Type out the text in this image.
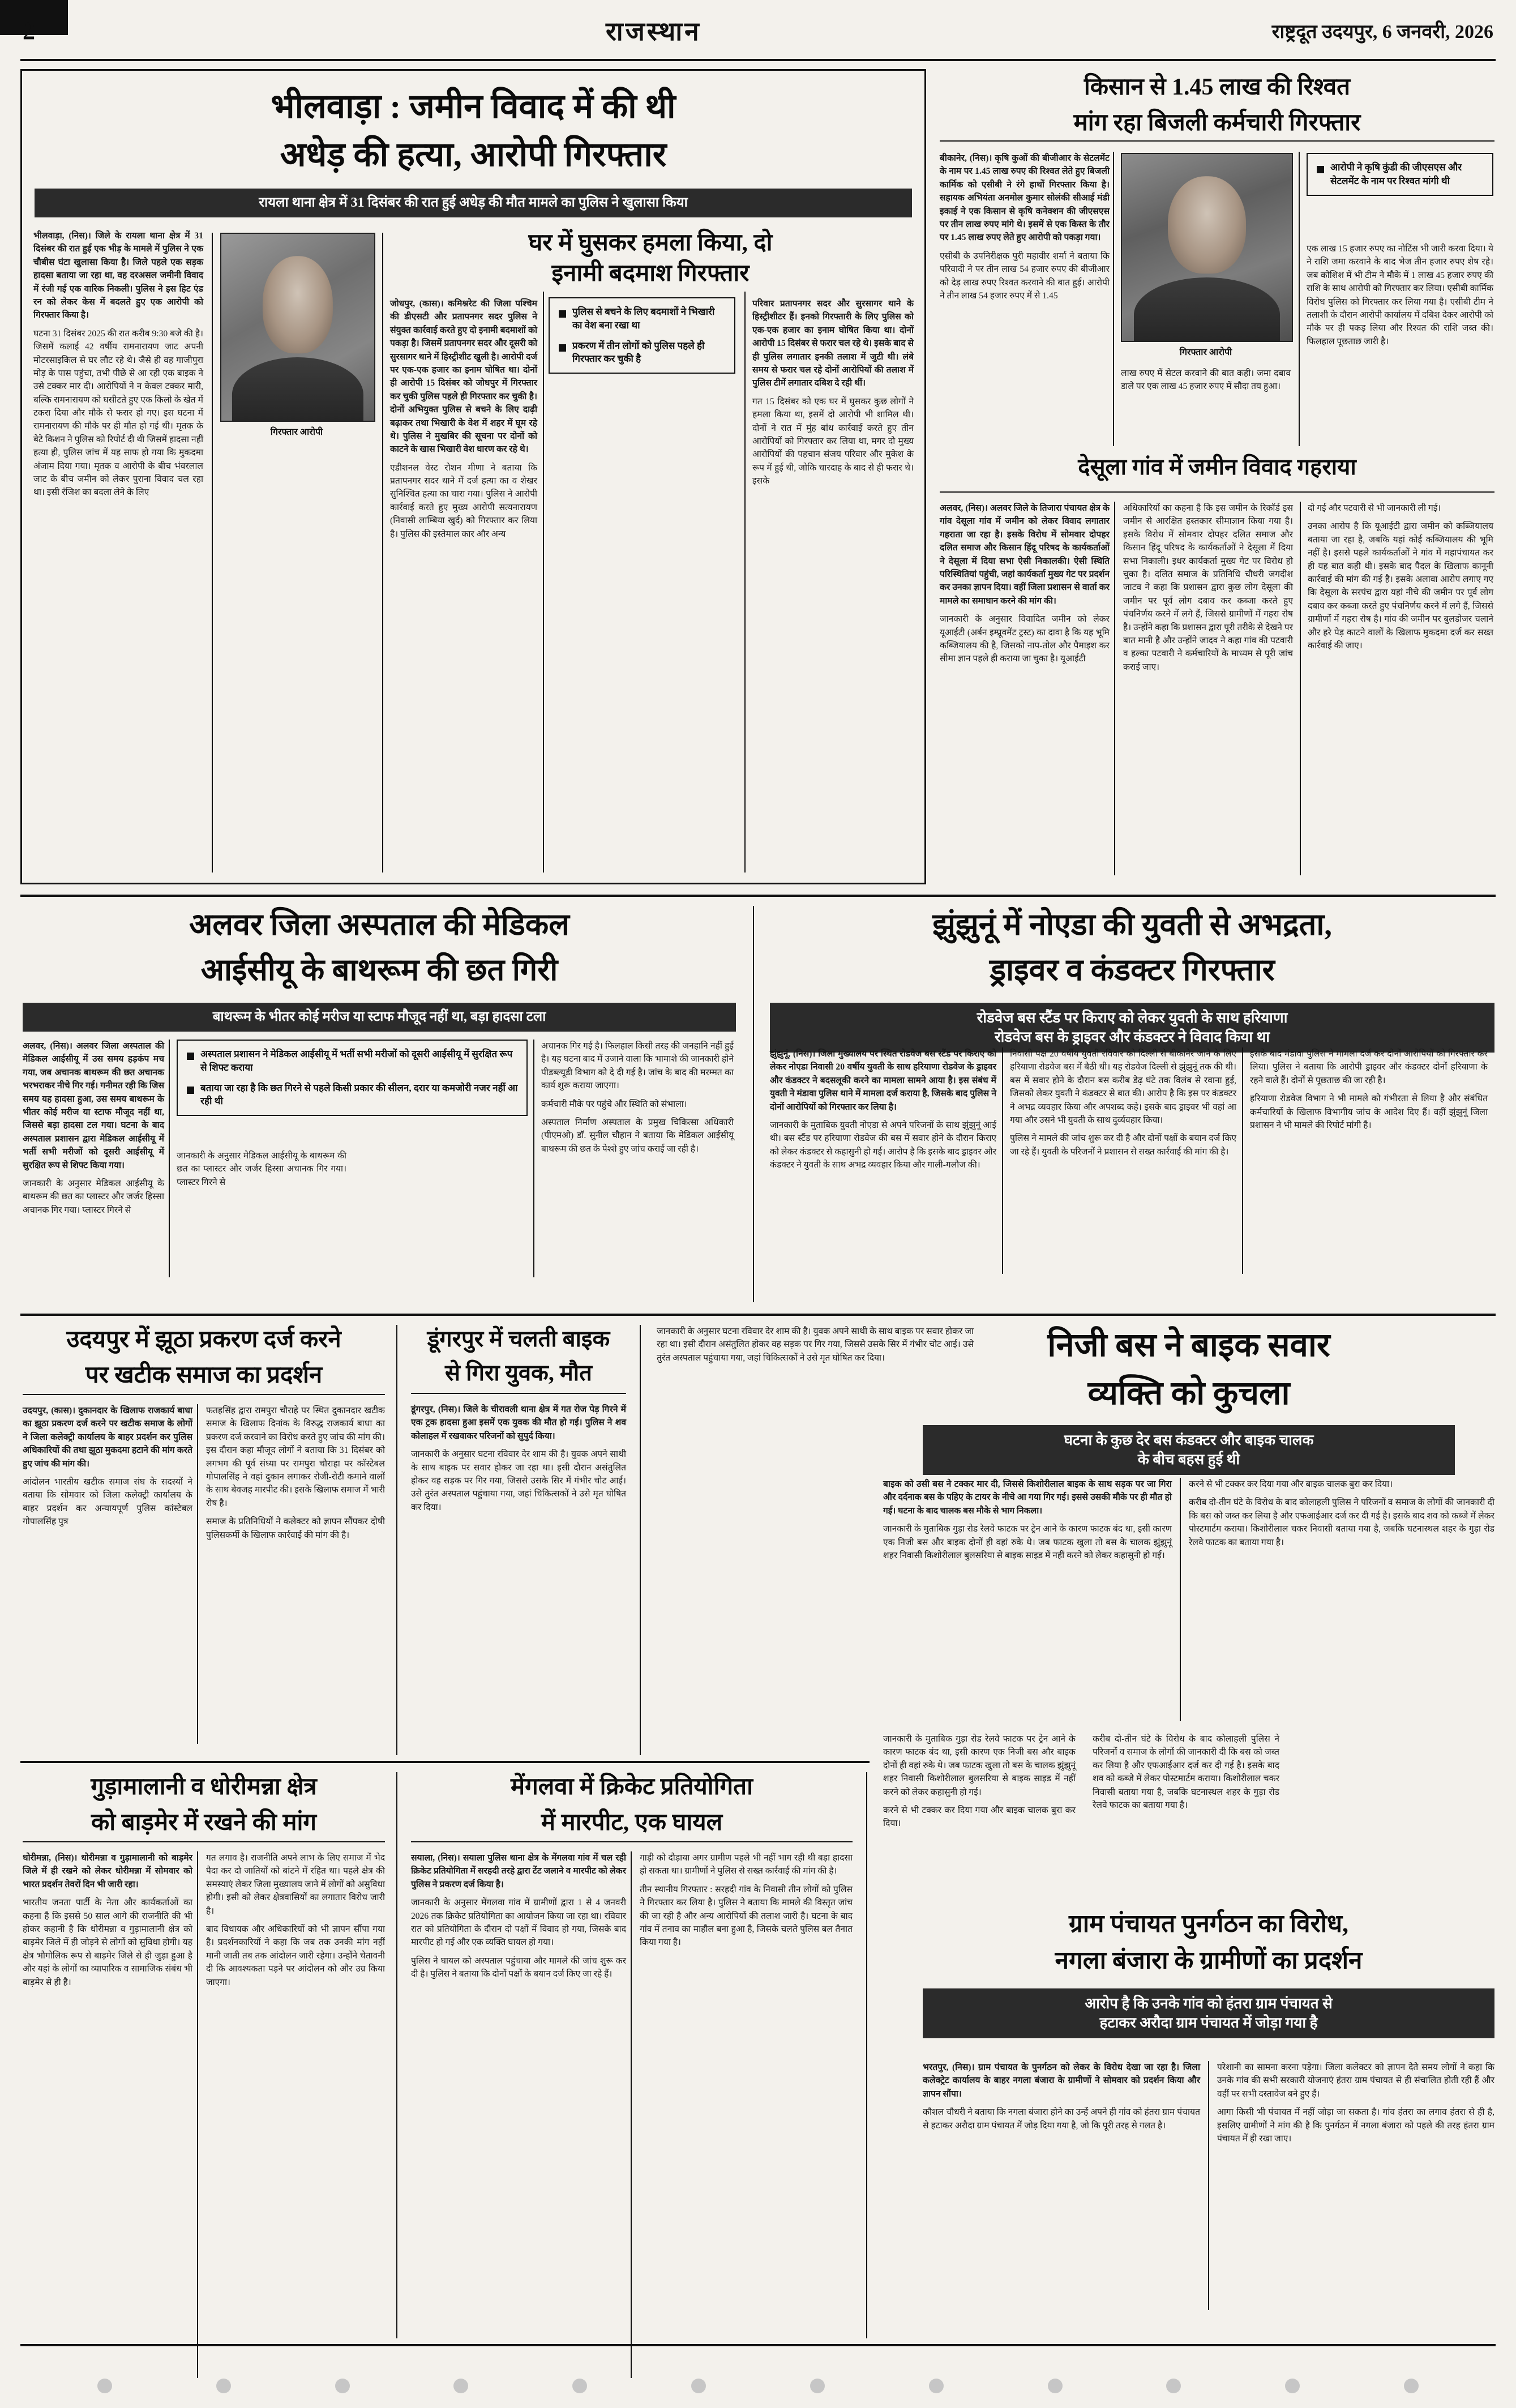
2	राजस्थान	राष्ट्रदूत उदयपुर, 6 जनवरी, 2026
भीलवाड़ा : जमीन विवाद में की थी
अधेड़ की हत्या, आरोपी गिरफ्तार
रायला थाना क्षेत्र में 31 दिसंबर की रात हुई अधेड़ की मौत मामले का पुलिस ने खुलासा किया

भीलवाड़ा, (निस)। जिले के रायला थाना क्षेत्र में 31 दिसंबर की रात हुई एक भीड़ के मामले में पुलिस ने एक चौबीस घंटा खुलासा किया है। जिले पहले एक सड़क हादसा बताया जा रहा था, वह दरअसल जमीनी विवाद में रंजी गई एक वारिक निकली। पुलिस ने इस हिट एंड रन को लेकर केस में बदलते हुए एक आरोपी को गिरफ्तार किया है।

घटना 31 दिसंबर 2025 की रात करीब 9:30 बजे की है। जिसमें कलाई 42 वर्षीय रामनारायण जाट अपनी मोटरसाइकिल से घर लौट रहे थे। जैसे ही वह गाजीपुरा मोड़ के पास पहुंचा, तभी पीछे से आ रही एक बाइक ने उसे टक्कर मार दी। आरोपियों ने न केवल टक्कर मारी, बल्कि रामनारायण को घसीटते हुए एक किलो के खेत में टकरा दिया और मौके से फरार हो गए। इस घटना में रामनारायण की मौके पर ही मौत हो गई थी। मृतक के बेटे किशन ने पुलिस को रिपोर्ट दी थी जिसमें हादसा नहीं हत्या ही, पुलिस जांच में यह साफ हो गया कि मुकदमा अंजाम दिया गया। मृतक व आरोपी के बीच भंवरलाल जाट के बीच जमीन को लेकर पुराना विवाद चल रहा था। इसी रंजिश का बदला लेने के लिए

गिरफ्तार आरोपी
घर में घुसकर हमला किया, दो
इनामी बदमाश गिरफ्तार
पुलिस से बचने के लिए बदमाशों ने भिखारी का वेश बना रखा था
प्रकरण में तीन लोगों को पुलिस पहले ही गिरफ्तार कर चुकी है

जोधपुर, (कास)। कमिश्नरेट की जिला पश्चिम की डीएसटी और प्रतापनगर सदर पुलिस ने संयुक्त कार्रवाई करते हुए दो इनामी बदमाशों को पकड़ा है। जिसमें प्रतापनगर सदर और दूसरी को सुरसागर थाने में हिस्ट्रीशीट खुली है। आरोपी दर्ज पर एक-एक हजार का इनाम घोषित था। दोनों ही आरोपी 15 दिसंबर को जोधपुर में गिरफ्तार कर चुकी पुलिस पहले ही गिरफ्तार कर चुकी है। दोनों अभियुक्त पुलिस से बचने के लिए दाढ़ी बढ़ाकर तथा भिखारी के वेश में शहर में घूम रहे थे। पुलिस ने मुखबिर की सूचना पर दोनों को काटने के खास भिखारी वेश धारण कर रहे थे।

एडीशनल वेस्ट रोशन मीणा ने बताया कि प्रतापनगर सदर थाने में दर्ज हत्या का व शेखर सुनिश्चित हत्या का चारा गया। पुलिस ने आरोपी कार्रवाई करते हुए मुख्य आरोपी सत्यनारायण (निवासी लाम्बिया खुर्द) को गिरफ्तार कर लिया है। पुलिस की इस्तेमाल कार और अन्य

परिवार प्रतापनगर सदर और सुरसागर थाने के हिस्ट्रीशीटर हैं। इनको गिरफ्तारी के लिए पुलिस को एक-एक हजार का इनाम घोषित किया था। दोनों आरोपी 15 दिसंबर से फरार चल रहे थे। इसके बाद से ही पुलिस लगातार इनकी तलाश में जुटी थी। लंबे समय से फरार चल रहे दोनों आरोपियों की तलाश में पुलिस टीमें लगातार दबिश दे रही थीं।

गत 15 दिसंबर को एक घर में घुसकर कुछ लोगों ने हमला किया था, इसमें दो आरोपी भी शामिल थी। दोनों ने रात में मुंह बांध कार्रवाई करते हुए तीन आरोपियों को गिरफ्तार कर लिया था, मगर दो मुख्य आरोपियों की पहचान संजय परिवार और मुकेश के रूप में हुई थी, जोकि चारदाह के बाद से ही फरार थे। इसके

किसान से 1.45 लाख की रिश्वत
मांग रहा बिजली कर्मचारी गिरफ्तार

बीकानेर, (निस)। कृषि कुओं की बीजीआर के सेटलमेंट के नाम पर 1.45 लाख रुपए की रिश्वत लेते हुए बिजली कार्मिक को एसीबी ने रंगे हाथों गिरफ्तार किया है। सहायक अभियंता अनमोल कुमार सोलंकी सीआई मंडी इकाई ने एक किसान से कृषि कनेक्शन की जीएसएस पर तीन लाख रुपए मांगे थे। इसमें से एक किस्त के तौर पर 1.45 लाख रुपए लेते हुए आरोपी को पकड़ा गया।

एसीबी के उपनिरीक्षक पुरी महावीर शर्मा ने बताया कि परिवादी ने पर तीन लाख 54 हजार रुपए की बीजीआर को देड़ लाख रुपए रिश्वत करवाने की बात हुई। आरोपी ने तीन लाख 54 हजार रुपए में से 1.45

गिरफ्तार आरोपी
आरोपी ने कृषि कुंडी की जीएसएस और सेटलमेंट के नाम पर रिश्वत मांगी थी

एक लाख 15 हजार रुपए का नोटिंस भी जारी करवा दिया। ये ने राशि जमा करवाने के बाद भेज तीन हजार रुपए शेष रहे। जब कोशिश में भी टीम ने मौके में 1 लाख 45 हजार रुपए की राशि के साथ आरोपी को गिरफ्तार कर लिया। एसीबी कार्मिक विरोध पुलिस को गिरफ्तार कर लिया गया है। एसीबी टीम ने तलाशी के दौरान आरोपी कार्यालय में दबिश देकर आरोपी को मौके पर ही पकड़ लिया और रिश्वत की राशि जब्त की। फिलहाल पूछताछ जारी है।

लाख रुपए में सेटल करवाने की बात कही। जमा दबाव डाले पर एक लाख 45 हजार रुपए में सौदा तय हुआ।

देसूला गांव में जमीन विवाद गहराया

अलवर, (निस)। अलवर जिले के तिजारा पंचायत क्षेत्र के गांव देसूला गांव में जमीन को लेकर विवाद लगातार गहराता जा रहा है। इसके विरोध में सोमवार दोपहर दलित समाज और किसान हिंदू परिषद के कार्यकर्ताओं ने देसूला में दिया सभा ऐसी निकालकी। ऐसी स्थिति परिस्थितियां पहुंची, जहां कार्यकर्ता मुख्य गेट पर प्रदर्शन कर उनका ज्ञापन दिया। वहीं जिला प्रशासन से वार्ता कर मामले का समाधान करने की मांग की।

जानकारी के अनुसार विवादित जमीन को लेकर यूआईटी (अर्बन इम्प्रूवमेंट ट्रस्ट) का दावा है कि यह भूमि कब्जियालय की है, जिसको नाप-तोल और पैमाइश कर सीमा ज्ञान पहले ही कराया जा चुका है। यूआईटी

अधिकारियों का कहना है कि इस जमीन के रिकॉर्ड इस जमीन से आरक्षित हस्तकार सीमाज्ञान किया गया है। इसके विरोध में सोमवार दोपहर दलित समाज और किसान हिंदू परिषद के कार्यकर्ताओं ने देसूला में दिया सभा निकाली। इधर कार्यकर्ता मुख्य गेट पर विरोध हो चुका है। दलित समाज के प्रतिनिधि चौधरी जगदीश जाटव ने कहा कि प्रशासन द्वारा कुछ लोग देसूला की जमीन पर पूर्व लोग दबाव कर कब्जा करते हुए पंचनिर्णय करने में लगे हैं, जिससे ग्रामीणों में गहरा रोष है। उन्होंने कहा कि प्रशासन द्वारा पूरी तरीके से देखने पर बात मानी है और उन्होंने जादव ने कहा गांव की पटवारी व हल्का पटवारी ने कर्मचारियों के माध्यम से पूरी जांच कराई जाए।

दो गई और पटवारी से भी जानकारी ली गई।

उनका आरोप है कि यूआईटी द्वारा जमीन को कब्जियालय बताया जा रहा है, जबकि यहां कोई कब्जियालय की भूमि नहीं है। इससे पहले कार्यकर्ताओं ने गांव में महापंचायत कर ही यह बात कही थी। इसके बाद पैदल के खिलाफ कानूनी कार्रवाई की मांग की गई है। इसके अलावा आरोप लगाए गए कि देसूला के सरपंच द्वारा यहां नीचे की जमीन पर पूर्व लोग दबाव कर कब्जा करते हुए पंचनिर्णय करने में लगे हैं, जिससे ग्रामीणों में गहरा रोष है। गांव की जमीन पर बुलडोजर चलाने और हरे पेड़ काटने वालों के खिलाफ मुकदमा दर्ज कर सख्त कार्रवाई की जाए।

अलवर जिला अस्पताल की मेडिकल
आईसीयू के बाथरूम की छत गिरी
बाथरूम के भीतर कोई मरीज या स्टाफ मौजूद नहीं था, बड़ा हादसा टला

अलवर, (निस)। अलवर जिला अस्पताल की मेडिकल आईसीयू में उस समय हड़कंप मच गया, जब अचानक बाथरूम की छत अचानक भरभराकर नीचे गिर गई। गनीमत रही कि जिस समय यह हादसा हुआ, उस समय बाथरूम के भीतर कोई मरीज या स्टाफ मौजूद नहीं था, जिससे बड़ा हादसा टल गया। घटना के बाद अस्पताल प्रशासन द्वारा मेडिकल आईसीयू में भर्ती सभी मरीजों को दूसरी आईसीयू में सुरक्षित रूप से शिफ्ट किया गया।

जानकारी के अनुसार मेडिकल आईसीयू के बाथरूम की छत का प्लास्टर और जर्जर हिस्सा अचानक गिर गया। प्लास्टर गिरने से

अस्पताल प्रशासन ने मेडिकल आईसीयू में भर्ती सभी मरीजों को दूसरी आईसीयू में सुरक्षित रूप से शिफ्ट कराया
बताया जा रहा है कि छत गिरने से पहले किसी प्रकार की सीलन, दरार या कमजोरी नजर नहीं आ रही थी

अचानक गिर गई है। फिलहाल किसी तरह की जनहानि नहीं हुई है। यह घटना बाद में उजाने वाला कि भामाशे की जानकारी होने पीडब्ल्यूडी विभाग को दे दी गई है। जांच के बाद की मरम्मत का कार्य शुरू कराया जाएगा।

कर्मचारी मौके पर पहुंचे और स्थिति को संभाला।

अस्पताल निर्माण अस्पताल के प्रमुख चिकित्सा अधिकारी (पीएमओ) डॉ. सुनील चौहान ने बताया कि मेडिकल आईसीयू बाथरूम की छत के पेश्शे हुए जांच कराई जा रही है।

जानकारी के अनुसार मेडिकल आईसीयू के बाथरूम की छत का प्लास्टर और जर्जर हिस्सा अचानक गिर गया। प्लास्टर गिरने से

झुंझुनूं में नोएडा की युवती से अभद्रता,
ड्राइवर व कंडक्टर गिरफ्तार
रोडवेज बस स्टैंड पर किराए को लेकर युवती के साथ हरियाणा
रोडवेज बस के ड्राइवर और कंडक्टर ने विवाद किया था

झुंझुनूं, (निस)। जिला मुख्यालय पर स्थित रोडवेज बस स्टैंड पर किराए को लेकर नोएडा निवासी 20 वर्षीय युवती के साथ हरियाणा रोडवेज के ड्राइवर और कंडक्टर ने बदसलूकी करने का मामला सामने आया है। इस संबंध में युवती ने मंडावा पुलिस थाने में मामला दर्ज कराया है, जिसके बाद पुलिस ने दोनों आरोपियों को गिरफ्तार कर लिया है।

जानकारी के मुताबिक युवती नोएडा से अपने परिजनों के साथ झुंझुनूं आई थी। बस स्टैंड पर हरियाणा रोडवेज की बस में सवार होने के दौरान किराए को लेकर कंडक्टर से कहासुनी हो गई। आरोप है कि इसके बाद ड्राइवर और कंडक्टर ने युवती के साथ अभद्र व्यवहार किया और गाली-गलौज की।

निवासी पक्ष 20 वर्षीय युवती रविवार को दिल्ली से बीकानेर जाने के लिए हरियाणा रोडवेज बस में बैठी थी। यह रोडवेज दिल्ली से झुंझुनूं तक की थी। बस में सवार होने के दौरान बस करीब डेढ़ घंटे तक विलंब से रवाना हुई, जिसको लेकर युवती ने कंडक्टर से बात की। आरोप है कि इस पर कंडक्टर ने अभद्र व्यवहार किया और अपशब्द कहे। इसके बाद ड्राइवर भी वहां आ गया और उसने भी युवती के साथ दुर्व्यवहार किया।

पुलिस ने मामले की जांच शुरू कर दी है और दोनों पक्षों के बयान दर्ज किए जा रहे हैं। युवती के परिजनों ने प्रशासन से सख्त कार्रवाई की मांग की है।

इसके बाद मंडावा पुलिस ने मामला दर्ज कर दोनों आरोपियों को गिरफ्तार कर लिया। पुलिस ने बताया कि आरोपी ड्राइवर और कंडक्टर दोनों हरियाणा के रहने वाले हैं। दोनों से पूछताछ की जा रही है।

हरियाणा रोडवेज विभाग ने भी मामले को गंभीरता से लिया है और संबंधित कर्मचारियों के खिलाफ विभागीय जांच के आदेश दिए हैं। वहीं झुंझुनूं जिला प्रशासन ने भी मामले की रिपोर्ट मांगी है।

उदयपुर में झूठा प्रकरण दर्ज करने
पर खटीक समाज का प्रदर्शन

उदयपुर, (कास)। दुकानदार के खिलाफ राजकार्य बाधा का झूठा प्रकरण दर्ज करने पर खटीक समाज के लोगों ने जिला कलेक्ट्री कार्यालय के बाहर प्रदर्शन कर पुलिस अधिकारियों की तथा झूठा मुकदमा हटाने की मांग करते हुए जांच की मांग की।

आंदोलन भारतीय खटीक समाज संघ के सदस्यों ने बताया कि सोमवार को जिला कलेक्ट्री कार्यालय के बाहर प्रदर्शन कर अन्यायपूर्ण पुलिस कांस्टेबल गोपालसिंह पुत्र

फतहसिंह द्वारा रामपुरा चौराहे पर स्थित दुकानदार खटीक समाज के खिलाफ दिनांक के विरुद्ध राजकार्य बाधा का प्रकरण दर्ज करवाने का विरोध करते हुए जांच की मांग की। इस दौरान कहा मौजूद लोगों ने बताया कि 31 दिसंबर को लगभग की पूर्व संध्या पर रामपुरा चौराहा पर कॉस्टेबल गोपालसिंह ने वहां दुकान लगाकर रोजी-रोटी कमाने वालों के साथ बेवजह मारपीट की। इसके खिलाफ समाज में भारी रोष है।

समाज के प्रतिनिधियों ने कलेक्टर को ज्ञापन सौंपकर दोषी पुलिसकर्मी के खिलाफ कार्रवाई की मांग की है।

डूंगरपुर में चलती बाइक
से गिरा युवक, मौत

डूंगरपुर, (निस)। जिले के चीरावली थाना क्षेत्र में गत रोज पेड़ गिरने में एक ट्रक हादसा हुआ इसमें एक युवक की मौत हो गई। पुलिस ने शव कोलाहल में रखवाकर परिजनों को सुपुर्द किया।

जानकारी के अनुसार घटना रविवार देर शाम की है। युवक अपने साथी के साथ बाइक पर सवार होकर जा रहा था। इसी दौरान असंतुलित होकर वह सड़क पर गिर गया, जिससे उसके सिर में गंभीर चोट आई। उसे तुरंत अस्पताल पहुंचाया गया, जहां चिकित्सकों ने उसे मृत घोषित कर दिया।

जानकारी के अनुसार घटना रविवार देर शाम की है। युवक अपने साथी के साथ बाइक पर सवार होकर जा रहा था। इसी दौरान असंतुलित होकर वह सड़क पर गिर गया, जिससे उसके सिर में गंभीर चोट आई। उसे तुरंत अस्पताल पहुंचाया गया, जहां चिकित्सकों ने उसे मृत घोषित कर दिया।	निजी बस ने बाइक सवार
व्यक्ति को कुचला
घटना के कुछ देर बस कंडक्टर और बाइक चालक
के बीच बहस हुई थी

बाइक को उसी बस ने टक्कर मार दी, जिससे किशोरीलाल बाइक के साथ सड़क पर जा गिरा और दर्दनाक बस के पहिए के टायर के नीचे आ गया गिर गई। इससे उसकी मौके पर ही मौत हो गई। घटना के बाद चालक बस मौके से भाग निकला।

जानकारी के मुताबिक गुड़ा रोड रेलवे फाटक पर ट्रेन आने के कारण फाटक बंद था, इसी कारण एक निजी बस और बाइक दोनों ही वहां रुके थे। जब फाटक खुला तो बस के चालक झुंझुनूं शहर निवासी किशोरीलाल बुलसरिया से बाइक साइड में नहीं करने को लेकर कहासुनी हो गई।

करने से भी टक्कर कर दिया गया और बाइक चालक बुरा कर दिया।

करीब दो-तीन घंटे के विरोध के बाद कोलाहली पुलिस ने परिजनों व समाज के लोगों की जानकारी दी कि बस को जब्त कर लिया है और एफआईआर दर्ज कर दी गई है। इसके बाद शव को कब्जे में लेकर पोस्टमार्टम कराया। किशोरीलाल चकर निवासी बताया गया है, जबकि घटनास्थल शहर के गुड़ा रोड रेलवे फाटक का बताया गया है।

गुड़ामालानी व धोरीमन्ना क्षेत्र
को बाड़मेर में रखने की मांग

धोरीमन्ना, (निस)। धोरीमन्ना व गुड़ामालानी को बाड़मेर जिले में ही रखने को लेकर धोरीमन्ना में सोमवार को भारत प्रदर्शन तेवरों दिन भी जारी रहा।

भारतीय जनता पार्टी के नेता और कार्यकर्ताओं का कहना है कि इससे 50 साल आगे की राजनीति की भी होकर कहानी है कि धोरीमन्ना व गुड़ामालानी क्षेत्र को बाड़मेर जिले में ही जोड़ने से लोगों को सुविधा होगी। यह क्षेत्र भौगोलिक रूप से बाड़मेर जिले से ही जुड़ा हुआ है और यहां के लोगों का व्यापारिक व सामाजिक संबंध भी बाड़मेर से ही है।

गत लगाव है। राजनीति अपने लाभ के लिए समाज में भेद पैदा कर दो जातियों को बांटने में रहित था। पहले क्षेत्र की समस्याएं लेकर जिला मुख्यालय जाने में लोगों को असुविधा होगी। इसी को लेकर क्षेत्रवासियों का लगातार विरोध जारी है।

बाद विधायक और अधिकारियों को भी ज्ञापन सौंपा गया है। प्रदर्शनकारियों ने कहा कि जब तक उनकी मांग नहीं मानी जाती तब तक आंदोलन जारी रहेगा। उन्होंने चेतावनी दी कि आवश्यकता पड़ने पर आंदोलन को और उग्र किया जाएगा।

मेंगलवा में क्रिकेट प्रतियोगिता
में मारपीट, एक घायल

सयाला, (निस)। सयाला पुलिस थाना क्षेत्र के मेंगलवा गांव में चल रही क्रिकेट प्रतियोगिता में सरहदी तरहे द्वारा टेंट जलाने व मारपीट को लेकर पुलिस ने प्रकरण दर्ज किया है।

जानकारी के अनुसार मेंगलवा गांव में ग्रामीणों द्वारा 1 से 4 जनवरी 2026 तक क्रिकेट प्रतियोगिता का आयोजन किया जा रहा था। रविवार रात को प्रतियोगिता के दौरान दो पक्षों में विवाद हो गया, जिसके बाद मारपीट हो गई और एक व्यक्ति घायल हो गया।

पुलिस ने घायल को अस्पताल पहुंचाया और मामले की जांच शुरू कर दी है। पुलिस ने बताया कि दोनों पक्षों के बयान दर्ज किए जा रहे हैं।

गाड़ी को दौड़ाया अगर ग्रामीण पहले भी नहीं भाग रही थी बड़ा हादसा हो सकता था। ग्रामीणों ने पुलिस से सख्त कार्रवाई की मांग की है।

तीन स्थानीय गिरफ्तार : सरहदी गांव के निवासी तीन लोगों को पुलिस ने गिरफ्तार कर लिया है। पुलिस ने बताया कि मामले की विस्तृत जांच की जा रही है और अन्य आरोपियों की तलाश जारी है। घटना के बाद गांव में तनाव का माहौल बना हुआ है, जिसके चलते पुलिस बल तैनात किया गया है।

जानकारी के मुताबिक गुड़ा रोड रेलवे फाटक पर ट्रेन आने के कारण फाटक बंद था, इसी कारण एक निजी बस और बाइक दोनों ही वहां रुके थे। जब फाटक खुला तो बस के चालक झुंझुनूं शहर निवासी किशोरीलाल बुलसरिया से बाइक साइड में नहीं करने को लेकर कहासुनी हो गई।

करने से भी टक्कर कर दिया गया और बाइक चालक बुरा कर दिया।

करीब दो-तीन घंटे के विरोध के बाद कोलाहली पुलिस ने परिजनों व समाज के लोगों की जानकारी दी कि बस को जब्त कर लिया है और एफआईआर दर्ज कर दी गई है। इसके बाद शव को कब्जे में लेकर पोस्टमार्टम कराया। किशोरीलाल चकर निवासी बताया गया है, जबकि घटनास्थल शहर के गुड़ा रोड रेलवे फाटक का बताया गया है।

ग्राम पंचायत पुनर्गठन का विरोध,
नगला बंजारा के ग्रामीणों का प्रदर्शन
आरोप है कि उनके गांव को हंतरा ग्राम पंचायत से
हटाकर अरौदा ग्राम पंचायत में जोड़ा गया है

भरतपुर, (निस)। ग्राम पंचायत के पुनर्गठन को लेकर के विरोध देखा जा रहा है। जिला कलेक्ट्रेट कार्यालय के बाहर नगला बंजारा के ग्रामीणों ने सोमवार को प्रदर्शन किया और ज्ञापन सौंपा।

कौशल चौधरी ने बताया कि नगला बंजारा होने का उन्हें अपने ही गांव को हंतरा ग्राम पंचायत से हटाकर अरौदा ग्राम पंचायत में जोड़ दिया गया है, जो कि पूरी तरह से गलत है।

परेशानी का सामना करना पड़ेगा। जिला कलेक्टर को ज्ञापन देते समय लोगों ने कहा कि उनके गांव की सभी सरकारी योजनाएं हंतरा ग्राम पंचायत से ही संचालित होती रही हैं और वहीं पर सभी दस्तावेज बने हुए हैं।

आगा किसी भी पंचायत में नहीं जोड़ा जा सकता है। गांव हंतरा का लगाव हंतरा से ही है, इसलिए ग्रामीणों ने मांग की है कि पुनर्गठन में नगला बंजारा को पहले की तरह हंतरा ग्राम पंचायत में ही रखा जाए।
